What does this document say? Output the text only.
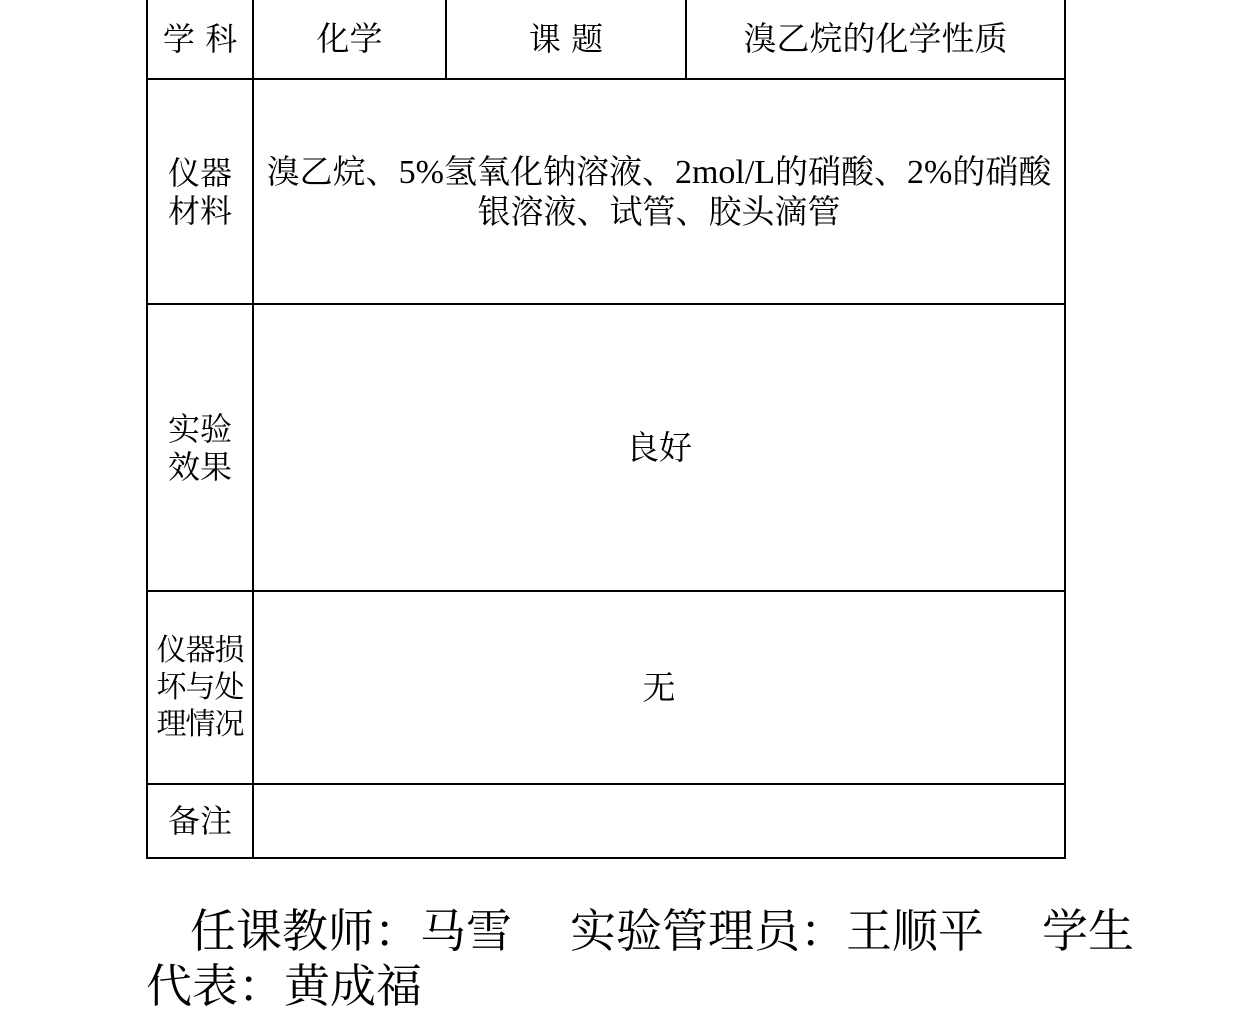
学 科	化学	课 题	溴乙烷的化学性质

仪器材料	溴乙烷、5%氢氧化钠溶液、2mol/L的硝酸、2%的硝酸银溶液、试管、胶头滴管		

实验效果	良好		

仪器损坏与处理情况	无		
备注			

任课教师：马雪 实验管理员：王顺平 学生

代表：黄成福
